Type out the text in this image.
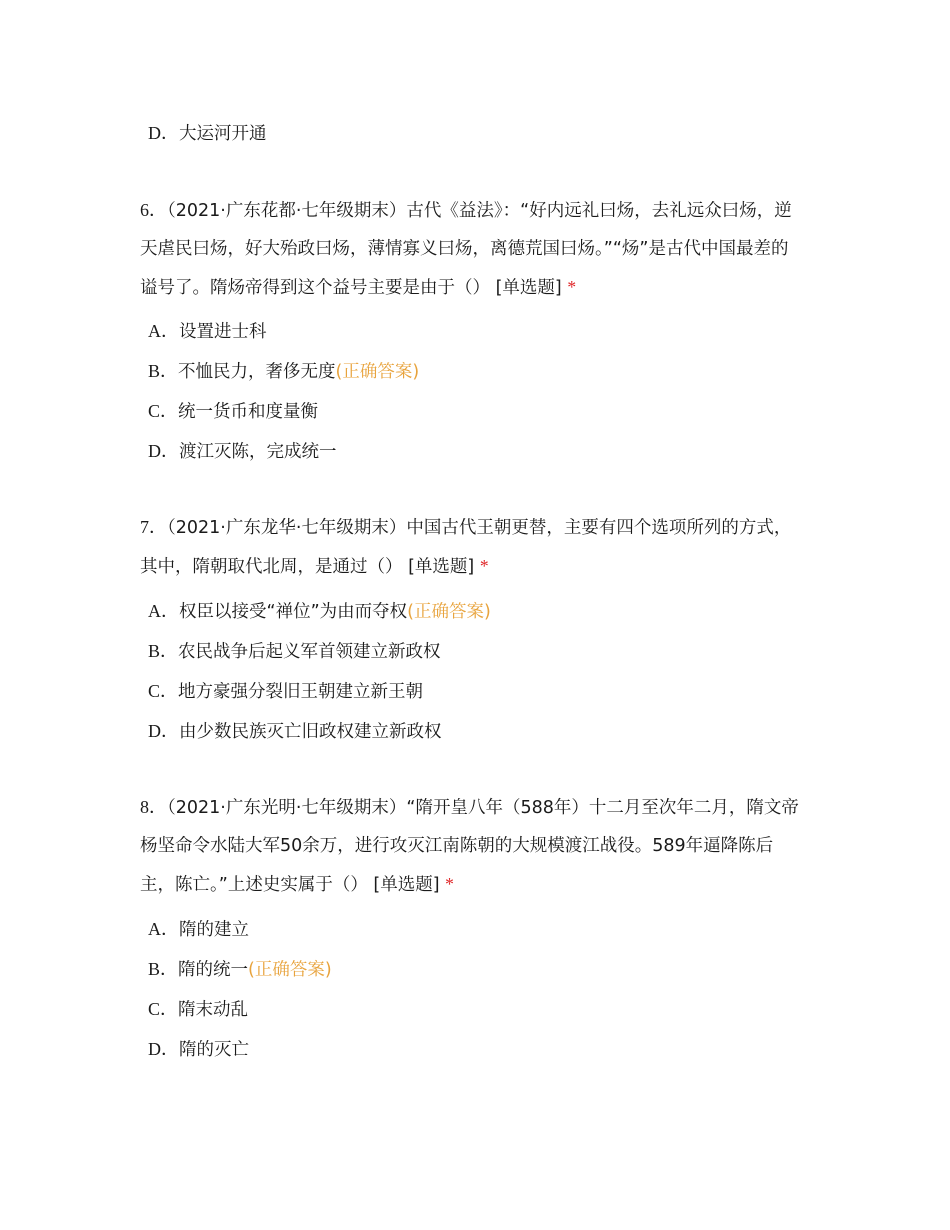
D．大运河开通
6．（2021·广东花都·七年级期末）古代《益法》：“好内远礼曰炀，去礼远众曰炀，逆天虐民曰炀，好大殆政曰炀，薄情寡义曰炀，离德荒国曰炀。”“炀”是古代中国最差的谥号了。隋炀帝得到这个益号主要是由于（） [单选题] *
A．设置进士科
B．不恤民力，奢侈无度(正确答案)
C．统一货币和度量衡
D．渡江灭陈，完成统一
7．（2021·广东龙华·七年级期末）中国古代王朝更替，主要有四个选项所列的方式，其中，隋朝取代北周，是通过（） [单选题] *
A．权臣以接受“禅位”为由而夺权(正确答案)
B．农民战争后起义军首领建立新政权
C．地方豪强分裂旧王朝建立新王朝
D．由少数民族灭亡旧政权建立新政权
8．（2021·广东光明·七年级期末）“隋开皇八年（588年）十二月至次年二月，隋文帝杨坚命令水陆大军50余万，进行攻灭江南陈朝的大规模渡江战役。589年逼降陈后主，陈亡。”上述史实属于（） [单选题] *
A．隋的建立
B．隋的统一(正确答案)
C．隋末动乱
D．隋的灭亡
